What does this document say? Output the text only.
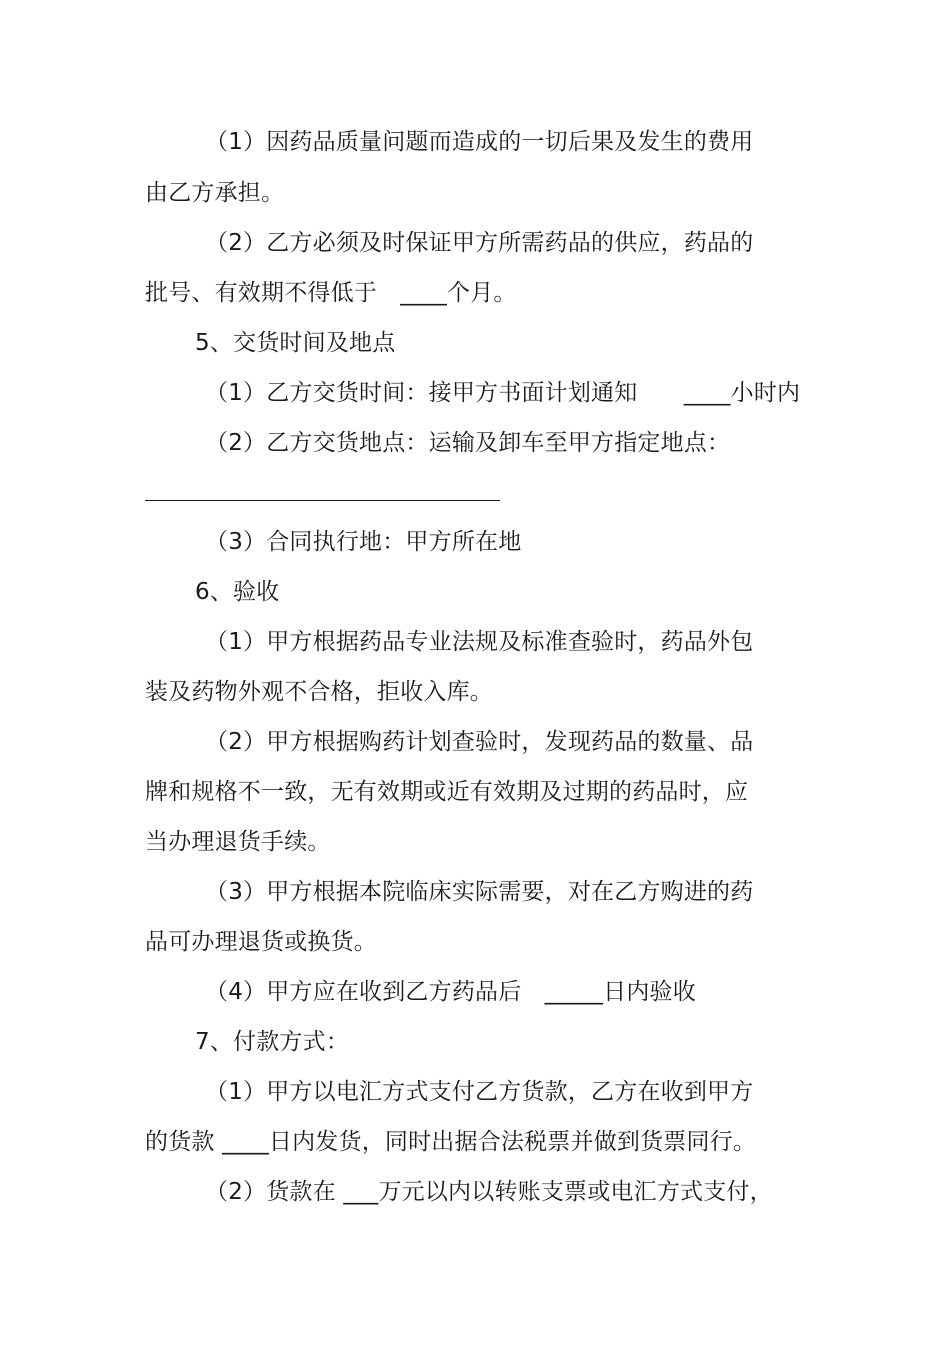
（1）因药品质量问题而造成的一切后果及发生的费用
由乙方承担。
（2）乙方必须及时保证甲方所需药品的供应，药品的
批号、有效期不得低于　____个月。
5、交货时间及地点
（1）乙方交货时间：接甲方书面计划通知　　____小时内
（2）乙方交货地点：运输及卸车至甲方指定地点：
（3）合同执行地：甲方所在地
6、验收
（1）甲方根据药品专业法规及标准查验时，药品外包
装及药物外观不合格，拒收入库。
（2）甲方根据购药计划查验时，发现药品的数量、品
牌和规格不一致，无有效期或近有效期及过期的药品时，应
当办理退货手续。
（3）甲方根据本院临床实际需要，对在乙方购进的药
品可办理退货或换货。
（4）甲方应在收到乙方药品后　_____日内验收
7、付款方式：
（1）甲方以电汇方式支付乙方货款，乙方在收到甲方
的货款 ____日内发货，同时出据合法税票并做到货票同行。
（2）货款在 ___万元以内以转账支票或电汇方式支付，
